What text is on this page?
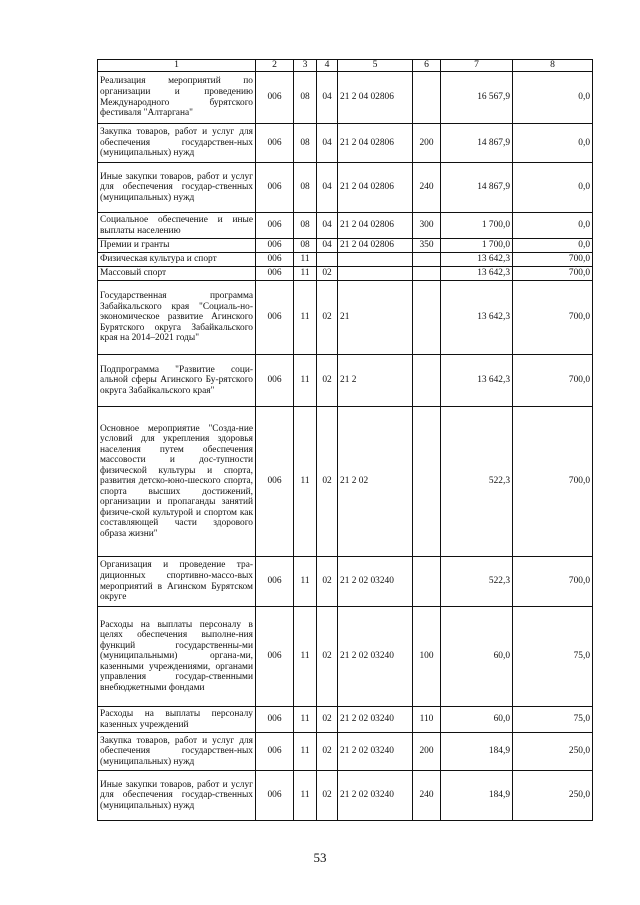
1	2	3	4	5	6	7	8
Реализация мероприятий по организации и проведению Международного бурятского фестиваля "Алтаргана"	006	08	04	21 2 04 02806		16 567,9	0,0
Закупка товаров, работ и услуг для обеспечения государствен-ных (муниципальных) нужд	006	08	04	21 2 04 02806	200	14 867,9	0,0
Иные закупки товаров, работ и услуг для обеспечения государ-ственных (муниципальных) нужд	006	08	04	21 2 04 02806	240	14 867,9	0,0
Социальное обеспечение и иные выплаты населению	006	08	04	21 2 04 02806	300	1 700,0	0,0
Премии и гранты	006	08	04	21 2 04 02806	350	1 700,0	0,0
Физическая культура и спорт	006	11				13 642,3	700,0
Массовый спорт	006	11	02			13 642,3	700,0
Государственная программа Забайкальского края "Социаль-но-экономическое развитие Агинского Бурятского округа Забайкальского края на 2014–2021 годы"	006	11	02	21		13 642,3	700,0
Подпрограмма "Развитие соци-альной сферы Агинского Бу-рятского округа Забайкальского края"	006	11	02	21 2		13 642,3	700,0
Основное мероприятие "Созда-ние условий для укрепления здоровья населения путем обеспечения массовости и дос-тупности физической культуры и спорта, развития детско-юно-шеского спорта, спорта высших достижений, организации и пропаганды занятий физиче-ской культурой и спортом как составляющей части здорового образа жизни"	006	11	02	21 2 02		522,3	700,0
Организация и проведение тра-диционных спортивно-массо-вых мероприятий в Агинском Бурятском округе	006	11	02	21 2 02 03240		522,3	700,0
Расходы на выплаты персоналу в целях обеспечения выполне-ния функций государственны-ми (муниципальными) органа-ми, казенными учреждениями, органами управления государ-ственными внебюджетными фондами	006	11	02	21 2 02 03240	100	60,0	75,0
Расходы на выплаты персоналу казенных учреждений	006	11	02	21 2 02 03240	110	60,0	75,0
Закупка товаров, работ и услуг для обеспечения государствен-ных (муниципальных) нужд	006	11	02	21 2 02 03240	200	184,9	250,0
Иные закупки товаров, работ и услуг для обеспечения государ-ственных (муниципальных) нужд	006	11	02	21 2 02 03240	240	184,9	250,0
53
